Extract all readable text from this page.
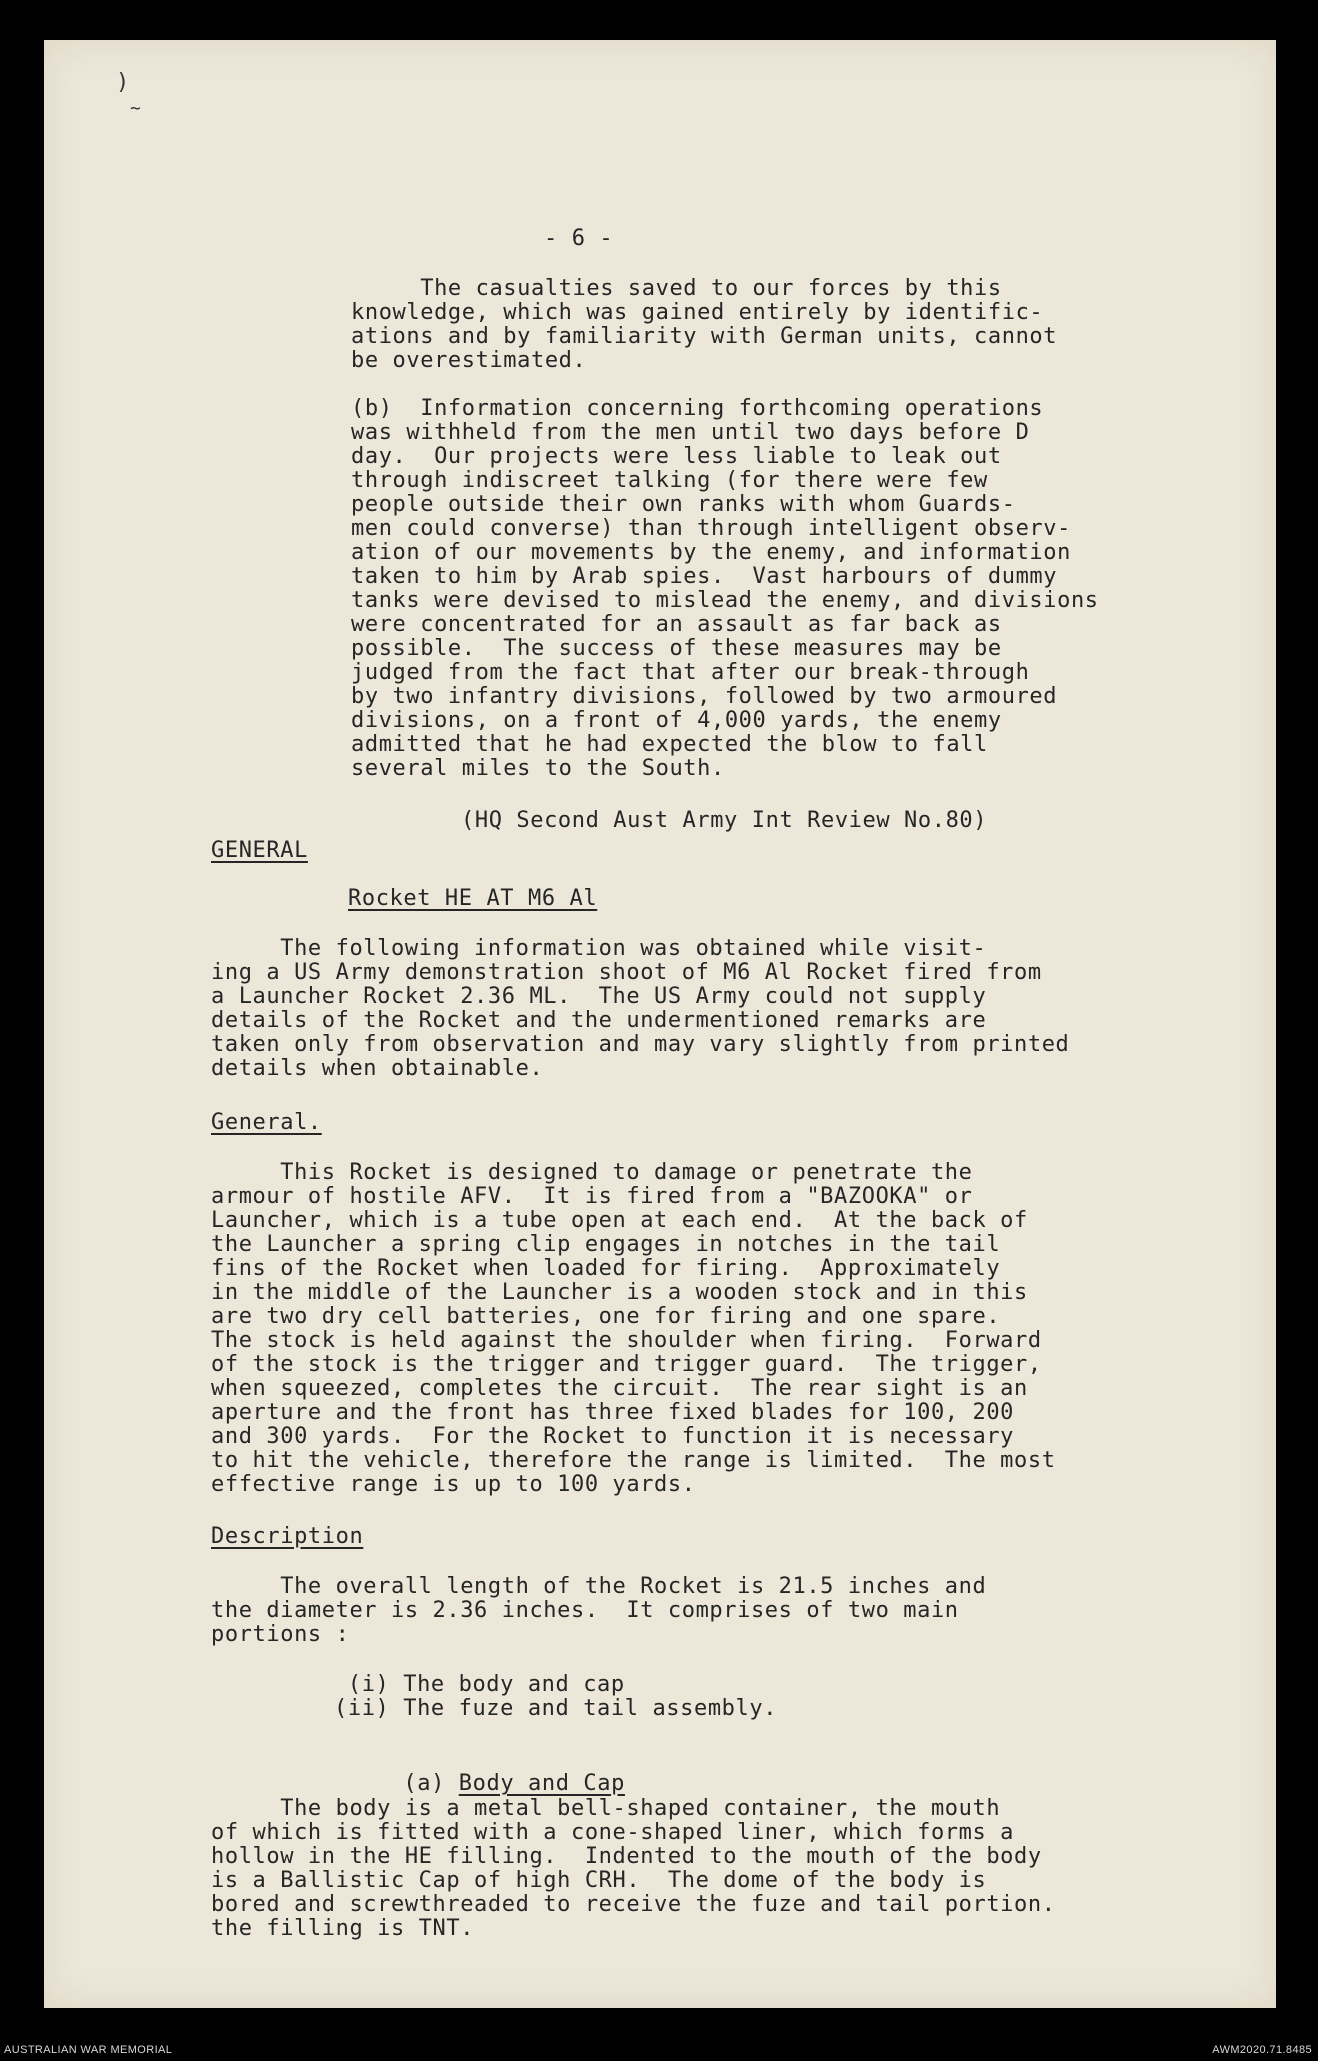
)
~
- 6 -
The casualties saved to our forces by this
knowledge, which was gained entirely by identific-
ations and by familiarity with German units, cannot
be overestimated.
(b)  Information concerning forthcoming operations
was withheld from the men until two days before D
day.  Our projects were less liable to leak out
through indiscreet talking (for there were few
people outside their own ranks with whom Guards-
men could converse) than through intelligent observ-
ation of our movements by the enemy, and information
taken to him by Arab spies.  Vast harbours of dummy
tanks were devised to mislead the enemy, and divisions
were concentrated for an assault as far back as
possible.  The success of these measures may be
judged from the fact that after our break-through
by two infantry divisions, followed by two armoured
divisions, on a front of 4,000 yards, the enemy
admitted that he had expected the blow to fall
several miles to the South.
(HQ Second Aust Army Int Review No.80)
GENERAL
Rocket HE AT M6 Al
The following information was obtained while visit-
ing a US Army demonstration shoot of M6 Al Rocket fired from
a Launcher Rocket 2.36 ML.  The US Army could not supply
details of the Rocket and the undermentioned remarks are
taken only from observation and may vary slightly from printed
details when obtainable.
General.
This Rocket is designed to damage or penetrate the
armour of hostile AFV.  It is fired from a "BAZOOKA" or
Launcher, which is a tube open at each end.  At the back of
the Launcher a spring clip engages in notches in the tail
fins of the Rocket when loaded for firing.  Approximately
in the middle of the Launcher is a wooden stock and in this
are two dry cell batteries, one for firing and one spare.
The stock is held against the shoulder when firing.  Forward
of the stock is the trigger and trigger guard.  The trigger,
when squeezed, completes the circuit.  The rear sight is an
aperture and the front has three fixed blades for 100, 200
and 300 yards.  For the Rocket to function it is necessary
to hit the vehicle, therefore the range is limited.  The most
effective range is up to 100 yards.
Description
The overall length of the Rocket is 21.5 inches and
the diameter is 2.36 inches.  It comprises of two main
portions :
(i) The body and cap
(ii) The fuze and tail assembly.

(a) Body and Cap

The body is a metal bell-shaped container, the mouth
of which is fitted with a cone-shaped liner, which forms a
hollow in the HE filling.  Indented to the mouth of the body
is a Ballistic Cap of high CRH.  The dome of the body is
bored and screwthreaded to receive the fuze and tail portion.
the filling is TNT.
AUSTRALIAN WAR MEMORIAL	AWM2020.71.8485
